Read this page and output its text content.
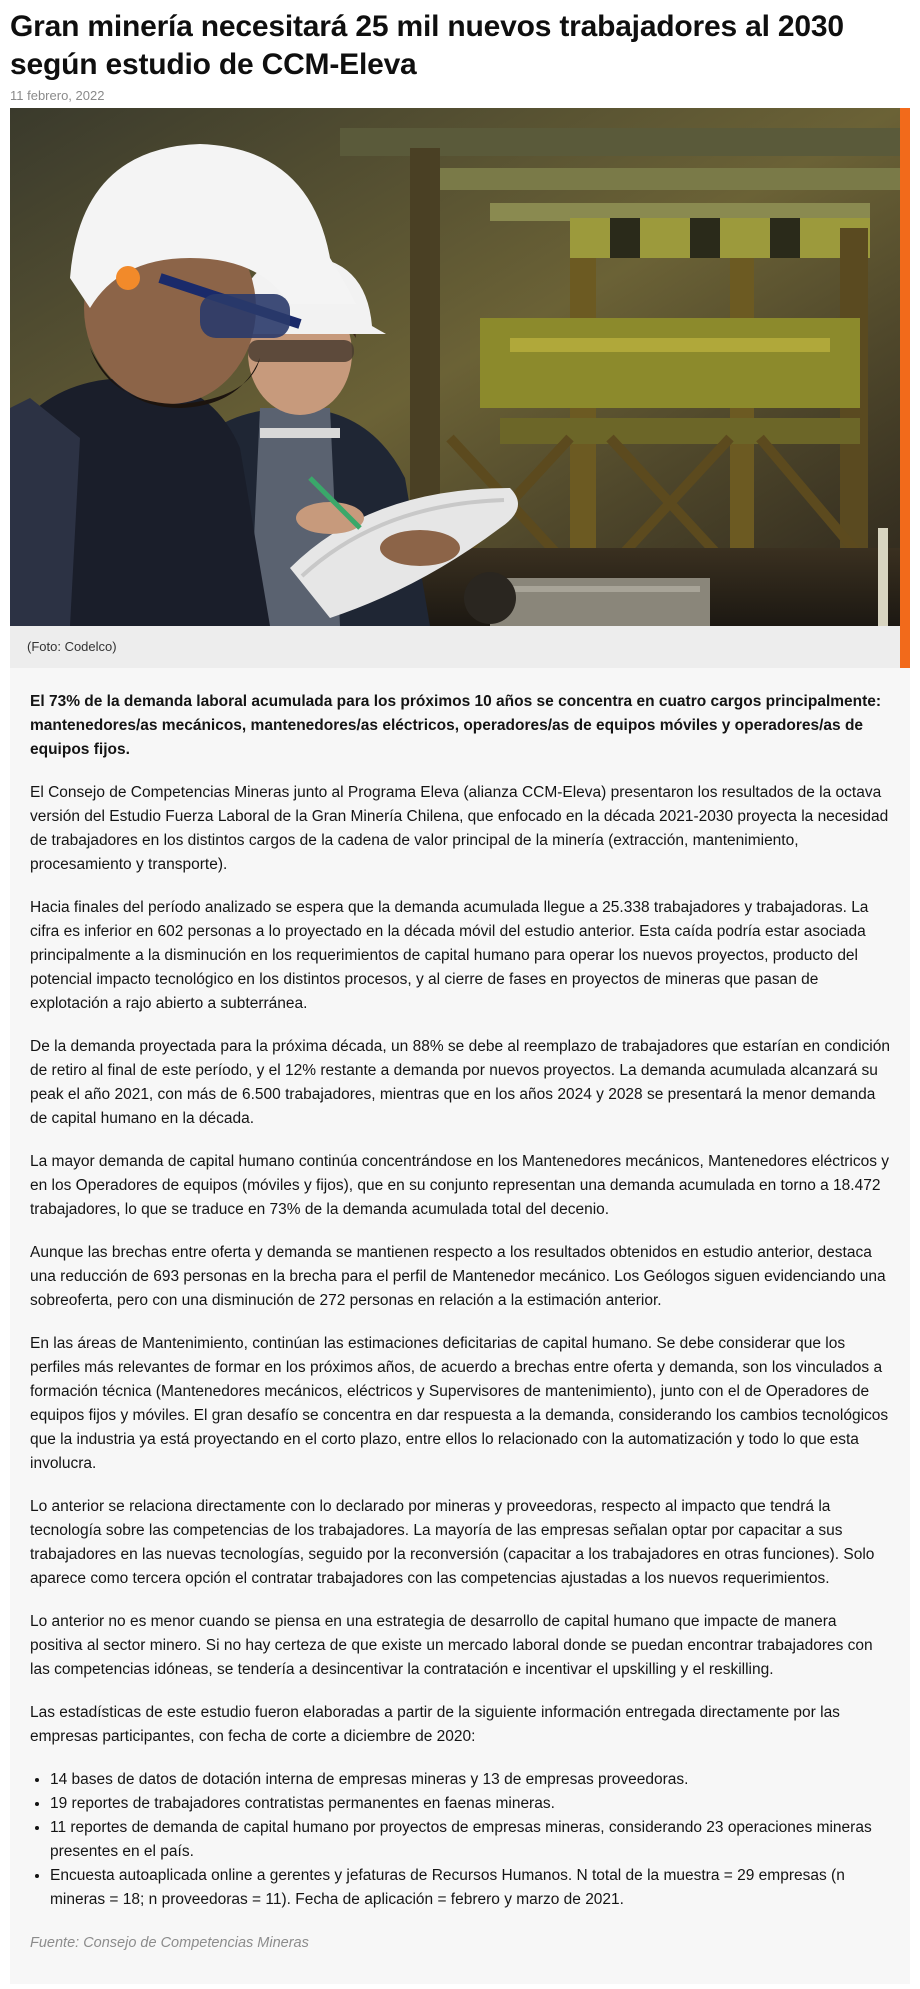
Gran minería necesitará 25 mil nuevos trabajadores al 2030 según estudio de CCM-Eleva
11 febrero, 2022
(Foto: Codelco)

El 73% de la demanda laboral acumulada para los próximos 10 años se concentra en cuatro cargos principalmente: mantenedores/as mecánicos, mantenedores/as eléctricos, operadores/as de equipos móviles y operadores/as de equipos fijos.

El Consejo de Competencias Mineras junto al Programa Eleva (alianza CCM-Eleva) presentaron los resultados de la octava versión del Estudio Fuerza Laboral de la Gran Minería Chilena, que enfocado en la década 2021-2030 proyecta la necesidad de trabajadores en los distintos cargos de la cadena de valor principal de la minería (extracción, mantenimiento, procesamiento y transporte).

Hacia finales del período analizado se espera que la demanda acumulada llegue a 25.338 trabajadores y trabajadoras. La cifra es inferior en 602 personas a lo proyectado en la década móvil del estudio anterior. Esta caída podría estar asociada principalmente a la disminución en los requerimientos de capital humano para operar los nuevos proyectos, producto del potencial impacto tecnológico en los distintos procesos, y al cierre de fases en proyectos de mineras que pasan de explotación a rajo abierto a subterránea.

De la demanda proyectada para la próxima década, un 88% se debe al reemplazo de trabajadores que estarían en condición de retiro al final de este período, y el 12% restante a demanda por nuevos proyectos. La demanda acumulada alcanzará su peak el año 2021, con más de 6.500 trabajadores, mientras que en los años 2024 y 2028 se presentará la menor demanda de capital humano en la década.

La mayor demanda de capital humano continúa concentrándose en los Mantenedores mecánicos, Mantenedores eléctricos y en los Operadores de equipos (móviles y fijos), que en su conjunto representan una demanda acumulada en torno a 18.472 trabajadores, lo que se traduce en 73% de la demanda acumulada total del decenio.

Aunque las brechas entre oferta y demanda se mantienen respecto a los resultados obtenidos en estudio anterior, destaca una reducción de 693 personas en la brecha para el perfil de Mantenedor mecánico. Los Geólogos siguen evidenciando una sobreoferta, pero con una disminución de 272 personas en relación a la estimación anterior.

En las áreas de Mantenimiento, continúan las estimaciones deficitarias de capital humano. Se debe considerar que los perfiles más relevantes de formar en los próximos años, de acuerdo a brechas entre oferta y demanda, son los vinculados a formación técnica (Mantenedores mecánicos, eléctricos y Supervisores de mantenimiento), junto con el de Operadores de equipos fijos y móviles. El gran desafío se concentra en dar respuesta a la demanda, considerando los cambios tecnológicos que la industria ya está proyectando en el corto plazo, entre ellos lo relacionado con la automatización y todo lo que esta involucra.

Lo anterior se relaciona directamente con lo declarado por mineras y proveedoras, respecto al impacto que tendrá la tecnología sobre las competencias de los trabajadores. La mayoría de las empresas señalan optar por capacitar a sus trabajadores en las nuevas tecnologías, seguido por la reconversión (capacitar a los trabajadores en otras funciones). Solo aparece como tercera opción el contratar trabajadores con las competencias ajustadas a los nuevos requerimientos.

Lo anterior no es menor cuando se piensa en una estrategia de desarrollo de capital humano que impacte de manera positiva al sector minero. Si no hay certeza de que existe un mercado laboral donde se puedan encontrar trabajadores con las competencias idóneas, se tendería a desincentivar la contratación e incentivar el upskilling y el reskilling.

Las estadísticas de este estudio fueron elaboradas a partir de la siguiente información entregada directamente por las empresas participantes, con fecha de corte a diciembre de 2020:

• 14 bases de datos de dotación interna de empresas mineras y 13 de empresas proveedoras.
• 19 reportes de trabajadores contratistas permanentes en faenas mineras.
• 11 reportes de demanda de capital humano por proyectos de empresas mineras, considerando 23 operaciones mineras presentes en el país.
• Encuesta autoaplicada online a gerentes y jefaturas de Recursos Humanos. N total de la muestra = 29 empresas (n mineras = 18; n proveedoras = 11). Fecha de aplicación = febrero y marzo de 2021.

Fuente: Consejo de Competencias Mineras
